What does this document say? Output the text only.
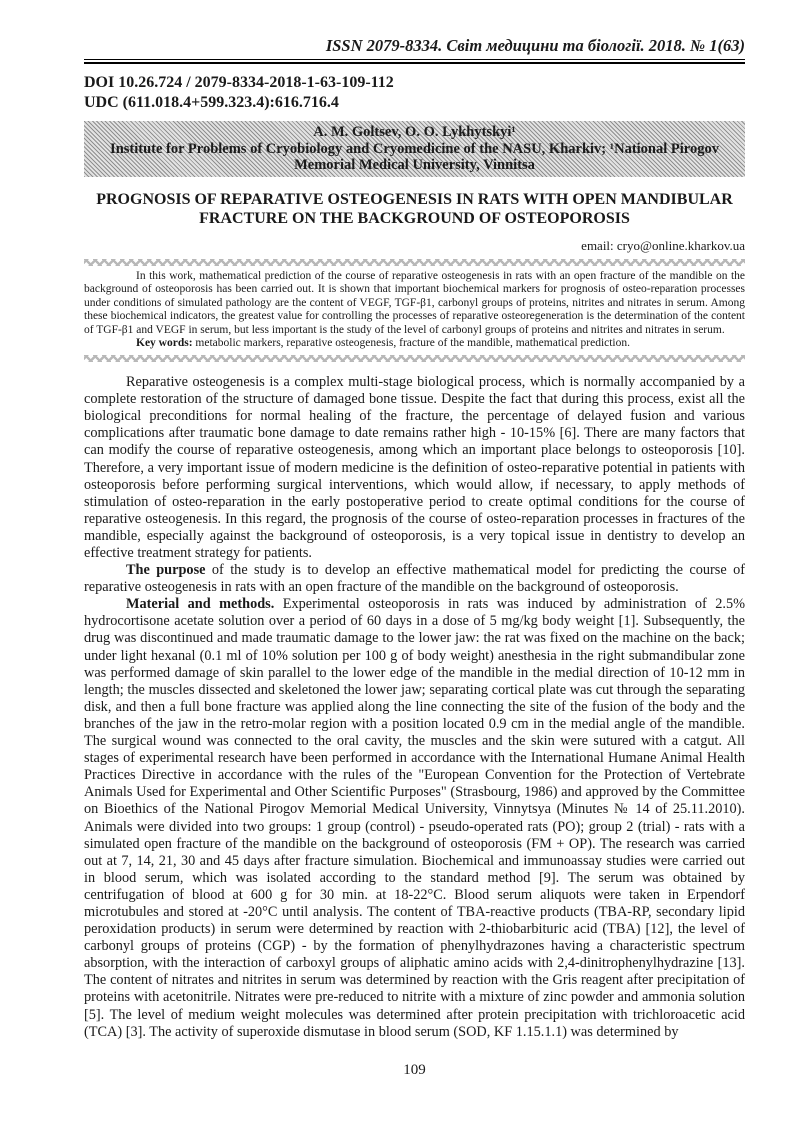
ISSN 2079-8334. Світ медицини та біології. 2018. № 1(63)
DOI 10.26.724 / 2079-8334-2018-1-63-109-112
UDC (611.018.4+599.323.4):616.716.4
A. M. Goltsev, O. O. Lykhytskyi¹
Institute for Problems of Cryobiology and Cryomedicine of the NASU, Kharkiv; ¹National Pirogov Memorial Medical University, Vinnitsa
PROGNOSIS OF REPARATIVE OSTEOGENESIS IN RATS WITH OPEN MANDIBULAR FRACTURE ON THE BACKGROUND OF OSTEOPOROSIS
email: cryo@online.kharkov.ua

In this work, mathematical prediction of the course of reparative osteogenesis in rats with an open fracture of the mandible on the background of osteoporosis has been carried out. It is shown that important biochemical markers for prognosis of osteo-reparation processes under conditions of simulated pathology are the content of VEGF, TGF-β1, carbonyl groups of proteins, nitrites and nitrates in serum. Among these biochemical indicators, the greatest value for controlling the processes of reparative osteoregeneration is the determination of the content of TGF-β1 and VEGF in serum, but less important is the study of the level of carbonyl groups of proteins and nitrites and nitrates in serum.

Key words: metabolic markers, reparative osteogenesis, fracture of the mandible, mathematical prediction.

Reparative osteogenesis is a complex multi-stage biological process, which is normally accompanied by a complete restoration of the structure of damaged bone tissue. Despite the fact that during this process, exist all the biological preconditions for normal healing of the fracture, the percentage of delayed fusion and various complications after traumatic bone damage to date remains rather high - 10-15% [6]. There are many factors that can modify the course of reparative osteogenesis, among which an important place belongs to osteoporosis [10]. Therefore, a very important issue of modern medicine is the definition of osteo-reparative potential in patients with osteoporosis before performing surgical interventions, which would allow, if necessary, to apply methods of stimulation of osteo-reparation in the early postoperative period to create optimal conditions for the course of reparative osteogenesis. In this regard, the prognosis of the course of osteo-reparation processes in fractures of the mandible, especially against the background of osteoporosis, is a very topical issue in dentistry to develop an effective treatment strategy for patients.

The purpose of the study is to develop an effective mathematical model for predicting the course of reparative osteogenesis in rats with an open fracture of the mandible on the background of osteoporosis.

Material and methods. Experimental osteoporosis in rats was induced by administration of 2.5% hydrocortisone acetate solution over a period of 60 days in a dose of 5 mg/kg body weight [1]. Subsequently, the drug was discontinued and made traumatic damage to the lower jaw: the rat was fixed on the machine on the back; under light hexanal (0.1 ml of 10% solution per 100 g of body weight) anesthesia in the right submandibular zone was performed damage of skin parallel to the lower edge of the mandible in the medial direction of 10-12 mm in length; the muscles dissected and skeletoned the lower jaw; separating cortical plate was cut through the separating disk, and then a full bone fracture was applied along the line connecting the site of the fusion of the body and the branches of the jaw in the retro-molar region with a position located 0.9 cm in the medial angle of the mandible. The surgical wound was connected to the oral cavity, the muscles and the skin were sutured with a catgut. All stages of experimental research have been performed in accordance with the International Humane Animal Health Practices Directive in accordance with the rules of the "European Convention for the Protection of Vertebrate Animals Used for Experimental and Other Scientific Purposes" (Strasbourg, 1986) and approved by the Committee on Bioethics of the National Pirogov Memorial Medical University, Vinnytsya (Minutes № 14 of 25.11.2010). Animals were divided into two groups: 1 group (control) - pseudo-operated rats (PO); group 2 (trial) - rats with a simulated open fracture of the mandible on the background of osteoporosis (FM + OP). The research was carried out at 7, 14, 21, 30 and 45 days after fracture simulation. Biochemical and immunoassay studies were carried out in blood serum, which was isolated according to the standard method [9]. The serum was obtained by centrifugation of blood at 600 g for 30 min. at 18-22°C. Blood serum aliquots were taken in Erpendorf microtubules and stored at -20°C until analysis. The content of TBA-reactive products (TBA-RP, secondary lipid peroxidation products) in serum were determined by reaction with 2-thiobarbituric acid (TBA) [12], the level of carbonyl groups of proteins (CGP) - by the formation of phenylhydrazones having a characteristic spectrum absorption, with the interaction of carboxyl groups of aliphatic amino acids with 2,4-dinitrophenylhydrazine [13]. The content of nitrates and nitrites in serum was determined by reaction with the Gris reagent after precipitation of proteins with acetonitrile. Nitrates were pre-reduced to nitrite with a mixture of zinc powder and ammonia solution [5]. The level of medium weight molecules was determined after protein precipitation with trichloroacetic acid (TCA) [3]. The activity of superoxide dismutase in blood serum (SOD, KF 1.15.1.1) was determined by

109
